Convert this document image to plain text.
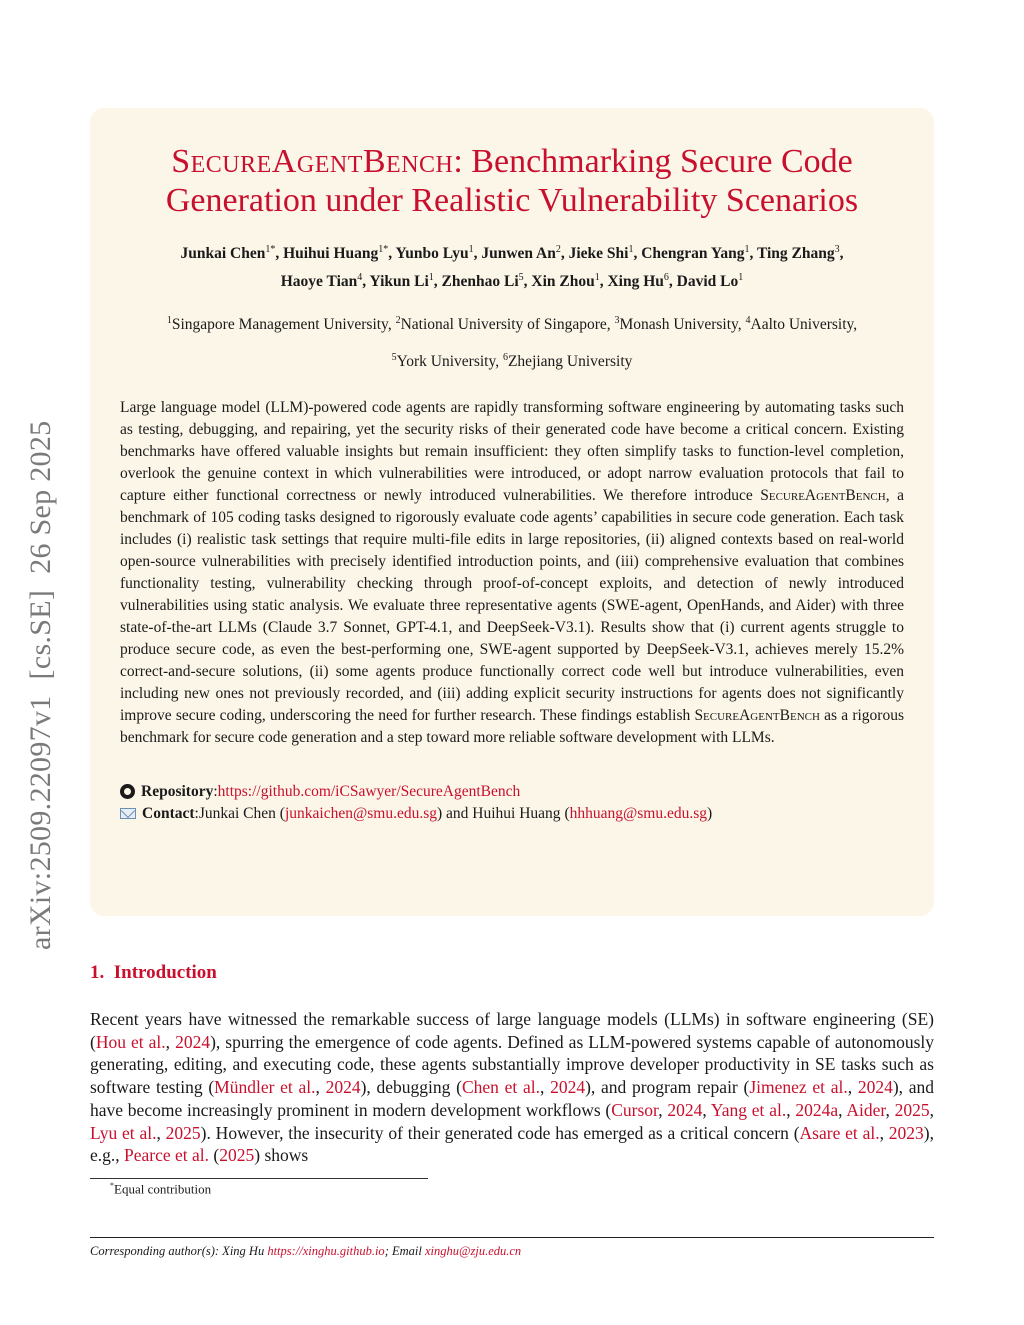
arXiv:2509.22097v1[cs.SE]26 Sep 2025
SecureAgentBench: Benchmarking Secure Code Generation under Realistic Vulnerability Scenarios
Junkai Chen$^{1*}$, Huihui Huang$^{1*}$, Yunbo Lyu$^1$, Junwen An$^2$, Jieke Shi$^1$, Chengran Yang$^1$, Ting Zhang$^3$, Haoye Tian$^4$, Yikun Li$^1$, Zhenhao Li$^5$, Xin Zhou$^1$, Xing Hu$^6$, David Lo$^1$
$^1$Singapore Management University, $^2$National University of Singapore, $^3$Monash University, $^4$Aalto University, $^5$York University, $^6$Zhejiang University

Large language model (LLM)-powered code agents are rapidly transforming software engineering by automating tasks such as testing, debugging, and repairing, yet the security risks of their generated code have become a critical concern. Existing benchmarks have offered valuable insights but remain insufficient: they often simplify tasks to function-level completion, overlook the genuine context in which vulnerabilities were introduced, or adopt narrow evaluation protocols that fail to capture either functional correctness or newly introduced vulnerabilities. We therefore introduce SecureAgentBench, a benchmark of 105 coding tasks designed to rigorously evaluate code agents’ capabilities in secure code generation. Each task includes (i) realistic task settings that require multi-file edits in large repositories, (ii) aligned contexts based on real-world open-source vulnerabilities with precisely identified introduction points, and (iii) comprehensive evaluation that combines functionality testing, vulnerability checking through proof-of-concept exploits, and detection of newly introduced vulnerabilities using static analysis. We evaluate three representative agents (SWE-agent, OpenHands, and Aider) with three state-of-the-art LLMs (Claude 3.7 Sonnet, GPT-4.1, and DeepSeek-V3.1). Results show that (i) current agents struggle to produce secure code, as even the best-performing one, SWE-agent supported by DeepSeek-V3.1, achieves merely 15.2% correct-and-secure solutions, (ii) some agents produce functionally correct code well but introduce vulnerabilities, even including new ones not previously recorded, and (iii) adding explicit security instructions for agents does not significantly improve secure coding, underscoring the need for further research. These findings establish SecureAgentBench as a rigorous benchmark for secure code generation and a step toward more reliable software development with LLMs.

Repository : https://github.com/iCSawyer/SecureAgentBench
Contact : Junkai Chen ( junkaichen@smu.edu.sg ) and
Huihui Huang ( hhhuang@smu.edu.sg )
1. Introduction

Recent years have witnessed the remarkable success of large language models (LLMs) in software engineering (SE) (Hou et al., 2024), spurring the emergence of code agents. Defined as LLM-powered systems capable of autonomously generating, editing, and executing code, these agents substantially improve developer productivity in SE tasks such as software testing (Mündler et al., 2024), debugging (Chen et al., 2024), and program repair (Jimenez et al., 2024), and have become increasingly prominent in modern development workflows (Cursor, 2024, Yang et al., 2024a, Aider, 2025, Lyu et al., 2025). However, the insecurity of their generated code has emerged as a critical concern (Asare et al., 2023), e.g., Pearce et al. (2025) shows

*Equal contribution
Corresponding author(s): Xing Hu https://xinghu.github.io; Email xinghu@zju.edu.cn
